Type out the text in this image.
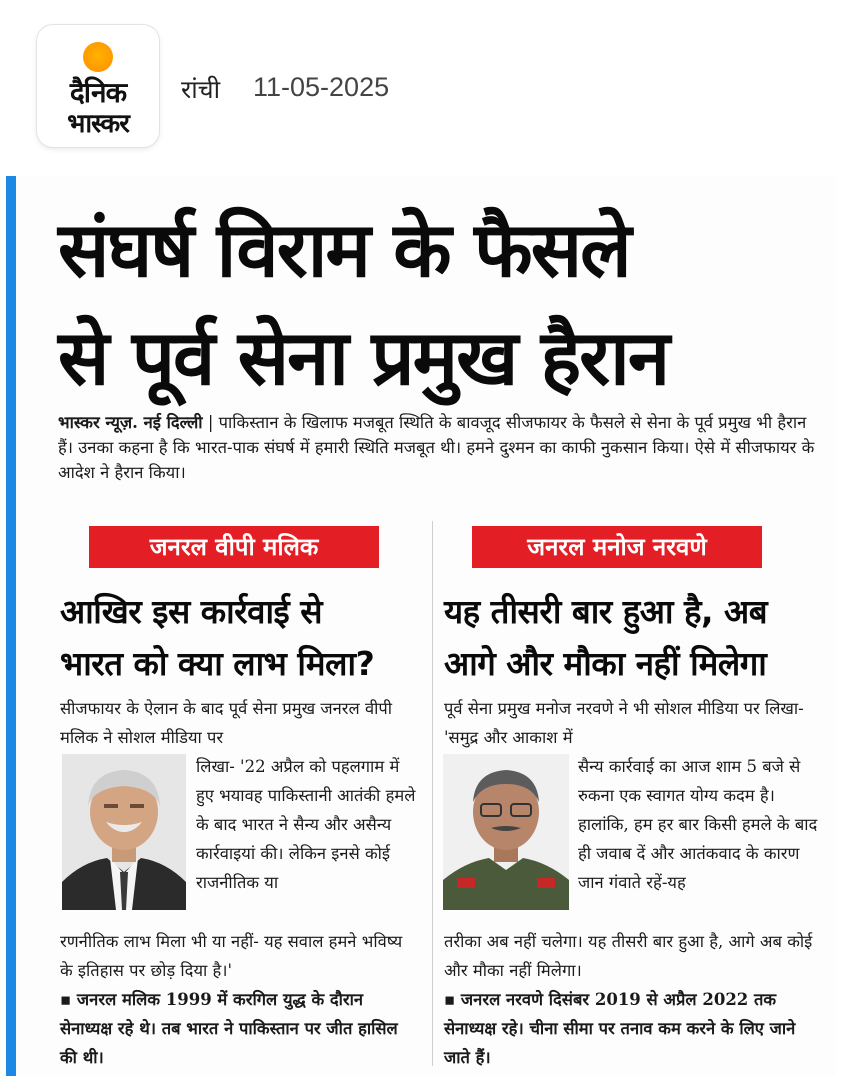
दैनिक
भास्कर
रांची 11-05-2025
संघर्ष विराम के फैसले
से पूर्व सेना प्रमुख हैरान
भास्कर न्यूज़. नई दिल्ली | पाकिस्तान के खिलाफ मजबूत स्थिति के बावजूद सीजफायर के फैसले से सेना के पूर्व प्रमुख भी हैरान हैं। उनका कहना है कि भारत-पाक संघर्ष में हमारी स्थिति मजबूत थी। हमने दुश्मन का काफी नुकसान किया। ऐसे में सीजफायर के आदेश ने हैरान किया।
जनरल वीपी मलिक
आखिर इस कार्रवाई से
भारत को क्या लाभ मिला?
सीजफायर के ऐलान के बाद पूर्व सेना प्रमुख जनरल वीपी मलिक ने सोशल मीडिया पर
लिखा- '22 अप्रैल को पहलगाम में हुए भयावह पाकिस्तानी आतंकी हमले के बाद भारत ने सैन्य और असैन्य कार्रवाइयां की। लेकिन इनसे कोई राजनीतिक या
रणनीतिक लाभ मिला भी या नहीं- यह सवाल हमने भविष्य के इतिहास पर छोड़ दिया है।'
▪ जनरल मलिक 1999 में करगिल युद्ध के दौरान सेनाध्यक्ष रहे थे। तब भारत ने पाकिस्तान पर जीत हासिल की थी।
जनरल मनोज नरवणे
यह तीसरी बार हुआ है, अब
आगे और मौका नहीं मिलेगा
पूर्व सेना प्रमुख मनोज नरवणे ने भी सोशल मीडिया पर लिखा- 'समुद्र और आकाश में
सैन्य कार्रवाई का आज शाम 5 बजे से रुकना एक स्वागत योग्य कदम है। हालांकि, हम हर बार किसी हमले के बाद ही जवाब दें और आतंकवाद के कारण जान गंवाते रहें-यह
तरीका अब नहीं चलेगा। यह तीसरी बार हुआ है, आगे अब कोई और मौका नहीं मिलेगा।
▪ जनरल नरवणे दिसंबर 2019 से अप्रैल 2022 तक सेनाध्यक्ष रहे। चीना सीमा पर तनाव कम करने के लिए जाने जाते हैं।
